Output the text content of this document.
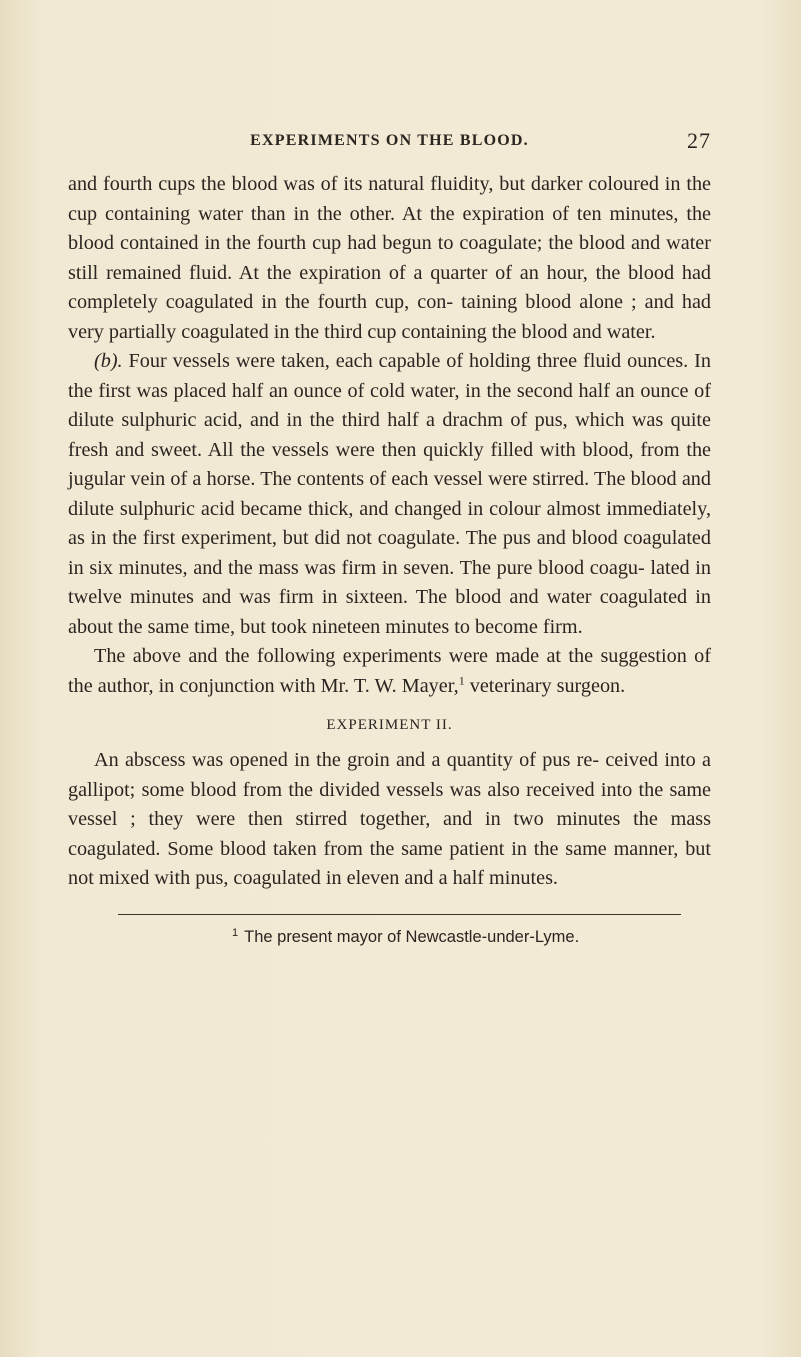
EXPERIMENTS ON THE BLOOD.	27

and fourth cups the blood was of its natural fluidity, but darker coloured in the cup containing water than in the other. At the expiration of ten minutes, the blood contained in the fourth cup had begun to coagulate; the blood and water still remained fluid. At the expiration of a quarter of an hour, the blood had completely coagulated in the fourth cup, con- taining blood alone ; and had very partially coagulated in the third cup containing the blood and water.

(b). Four vessels were taken, each capable of holding three fluid ounces. In the first was placed half an ounce of cold water, in the second half an ounce of dilute sulphuric acid, and in the third half a drachm of pus, which was quite fresh and sweet. All the vessels were then quickly filled with blood, from the jugular vein of a horse. The contents of each vessel were stirred. The blood and dilute sulphuric acid became thick, and changed in colour almost immediately, as in the first experiment, but did not coagulate. The pus and blood coagulated in six minutes, and the mass was firm in seven. The pure blood coagu- lated in twelve minutes and was firm in sixteen. The blood and water coagulated in about the same time, but took nineteen minutes to become firm.

The above and the following experiments were made at the suggestion of the author, in conjunction with Mr. T. W. Mayer,$^1$ veterinary surgeon.

EXPERIMENT II.

An abscess was opened in the groin and a quantity of pus re- ceived into a gallipot; some blood from the divided vessels was also received into the same vessel ; they were then stirred together, and in two minutes the mass coagulated. Some blood taken from the same patient in the same manner, but not mixed with pus, coagulated in eleven and a half minutes.

$^1$ The present mayor of Newcastle-under-Lyme.
